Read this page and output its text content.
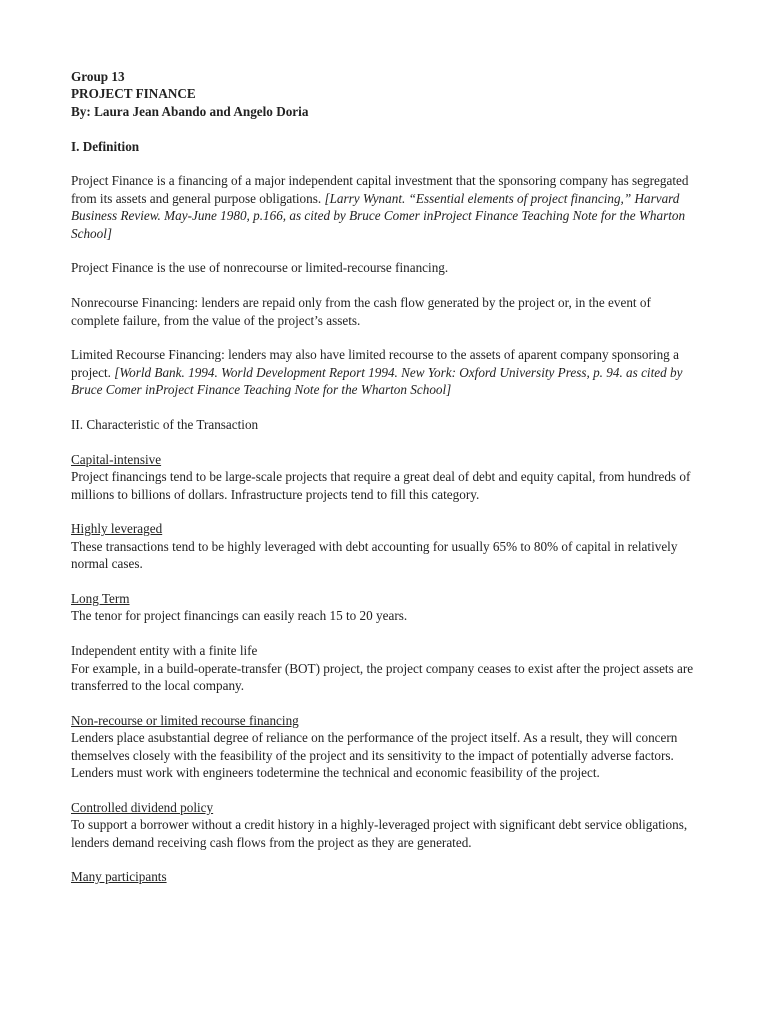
Group 13

PROJECT FINANCE

By: Laura Jean Abando and Angelo Doria

I. Definition

Project Finance is a financing of a major independent capital investment that the sponsoring company has segregated from its assets and general purpose obligations. [Larry Wynant. “Essential elements of project financing,” Harvard Business Review. May-June 1980, p.166, as cited by Bruce Comer inProject Finance Teaching Note for the Wharton School]

Project Finance is the use of nonrecourse or limited-recourse financing.

Nonrecourse Financing: lenders are repaid only from the cash flow generated by the project or, in the event of complete failure, from the value of the project’s assets.

Limited Recourse Financing: lenders may also have limited recourse to the assets of aparent company sponsoring a project. [World Bank. 1994. World Development Report 1994. New York: Oxford University Press, p. 94. as cited by Bruce Comer inProject Finance Teaching Note for the Wharton School]

II. Characteristic of the Transaction

Capital-intensive

Project financings tend to be large-scale projects that require a great deal of debt and equity capital, from hundreds of millions to billions of dollars. Infrastructure projects tend to fill this category.

Highly leveraged

These transactions tend to be highly leveraged with debt accounting for usually 65% to 80% of capital in relatively normal cases.

Long Term

The tenor for project financings can easily reach 15 to 20 years.

Independent entity with a finite life

For example, in a build-operate-transfer (BOT) project, the project company ceases to exist after the project assets are transferred to the local company.

Non-recourse or limited recourse financing

Lenders place asubstantial degree of reliance on the performance of the project itself. As a result, they will concern themselves closely with the feasibility of the project and its sensitivity to the impact of potentially adverse factors. Lenders must work with engineers todetermine the technical and economic feasibility of the project.

Controlled dividend policy

To support a borrower without a credit history in a highly-leveraged project with significant debt service obligations, lenders demand receiving cash flows from the project as they are generated.

Many participants
